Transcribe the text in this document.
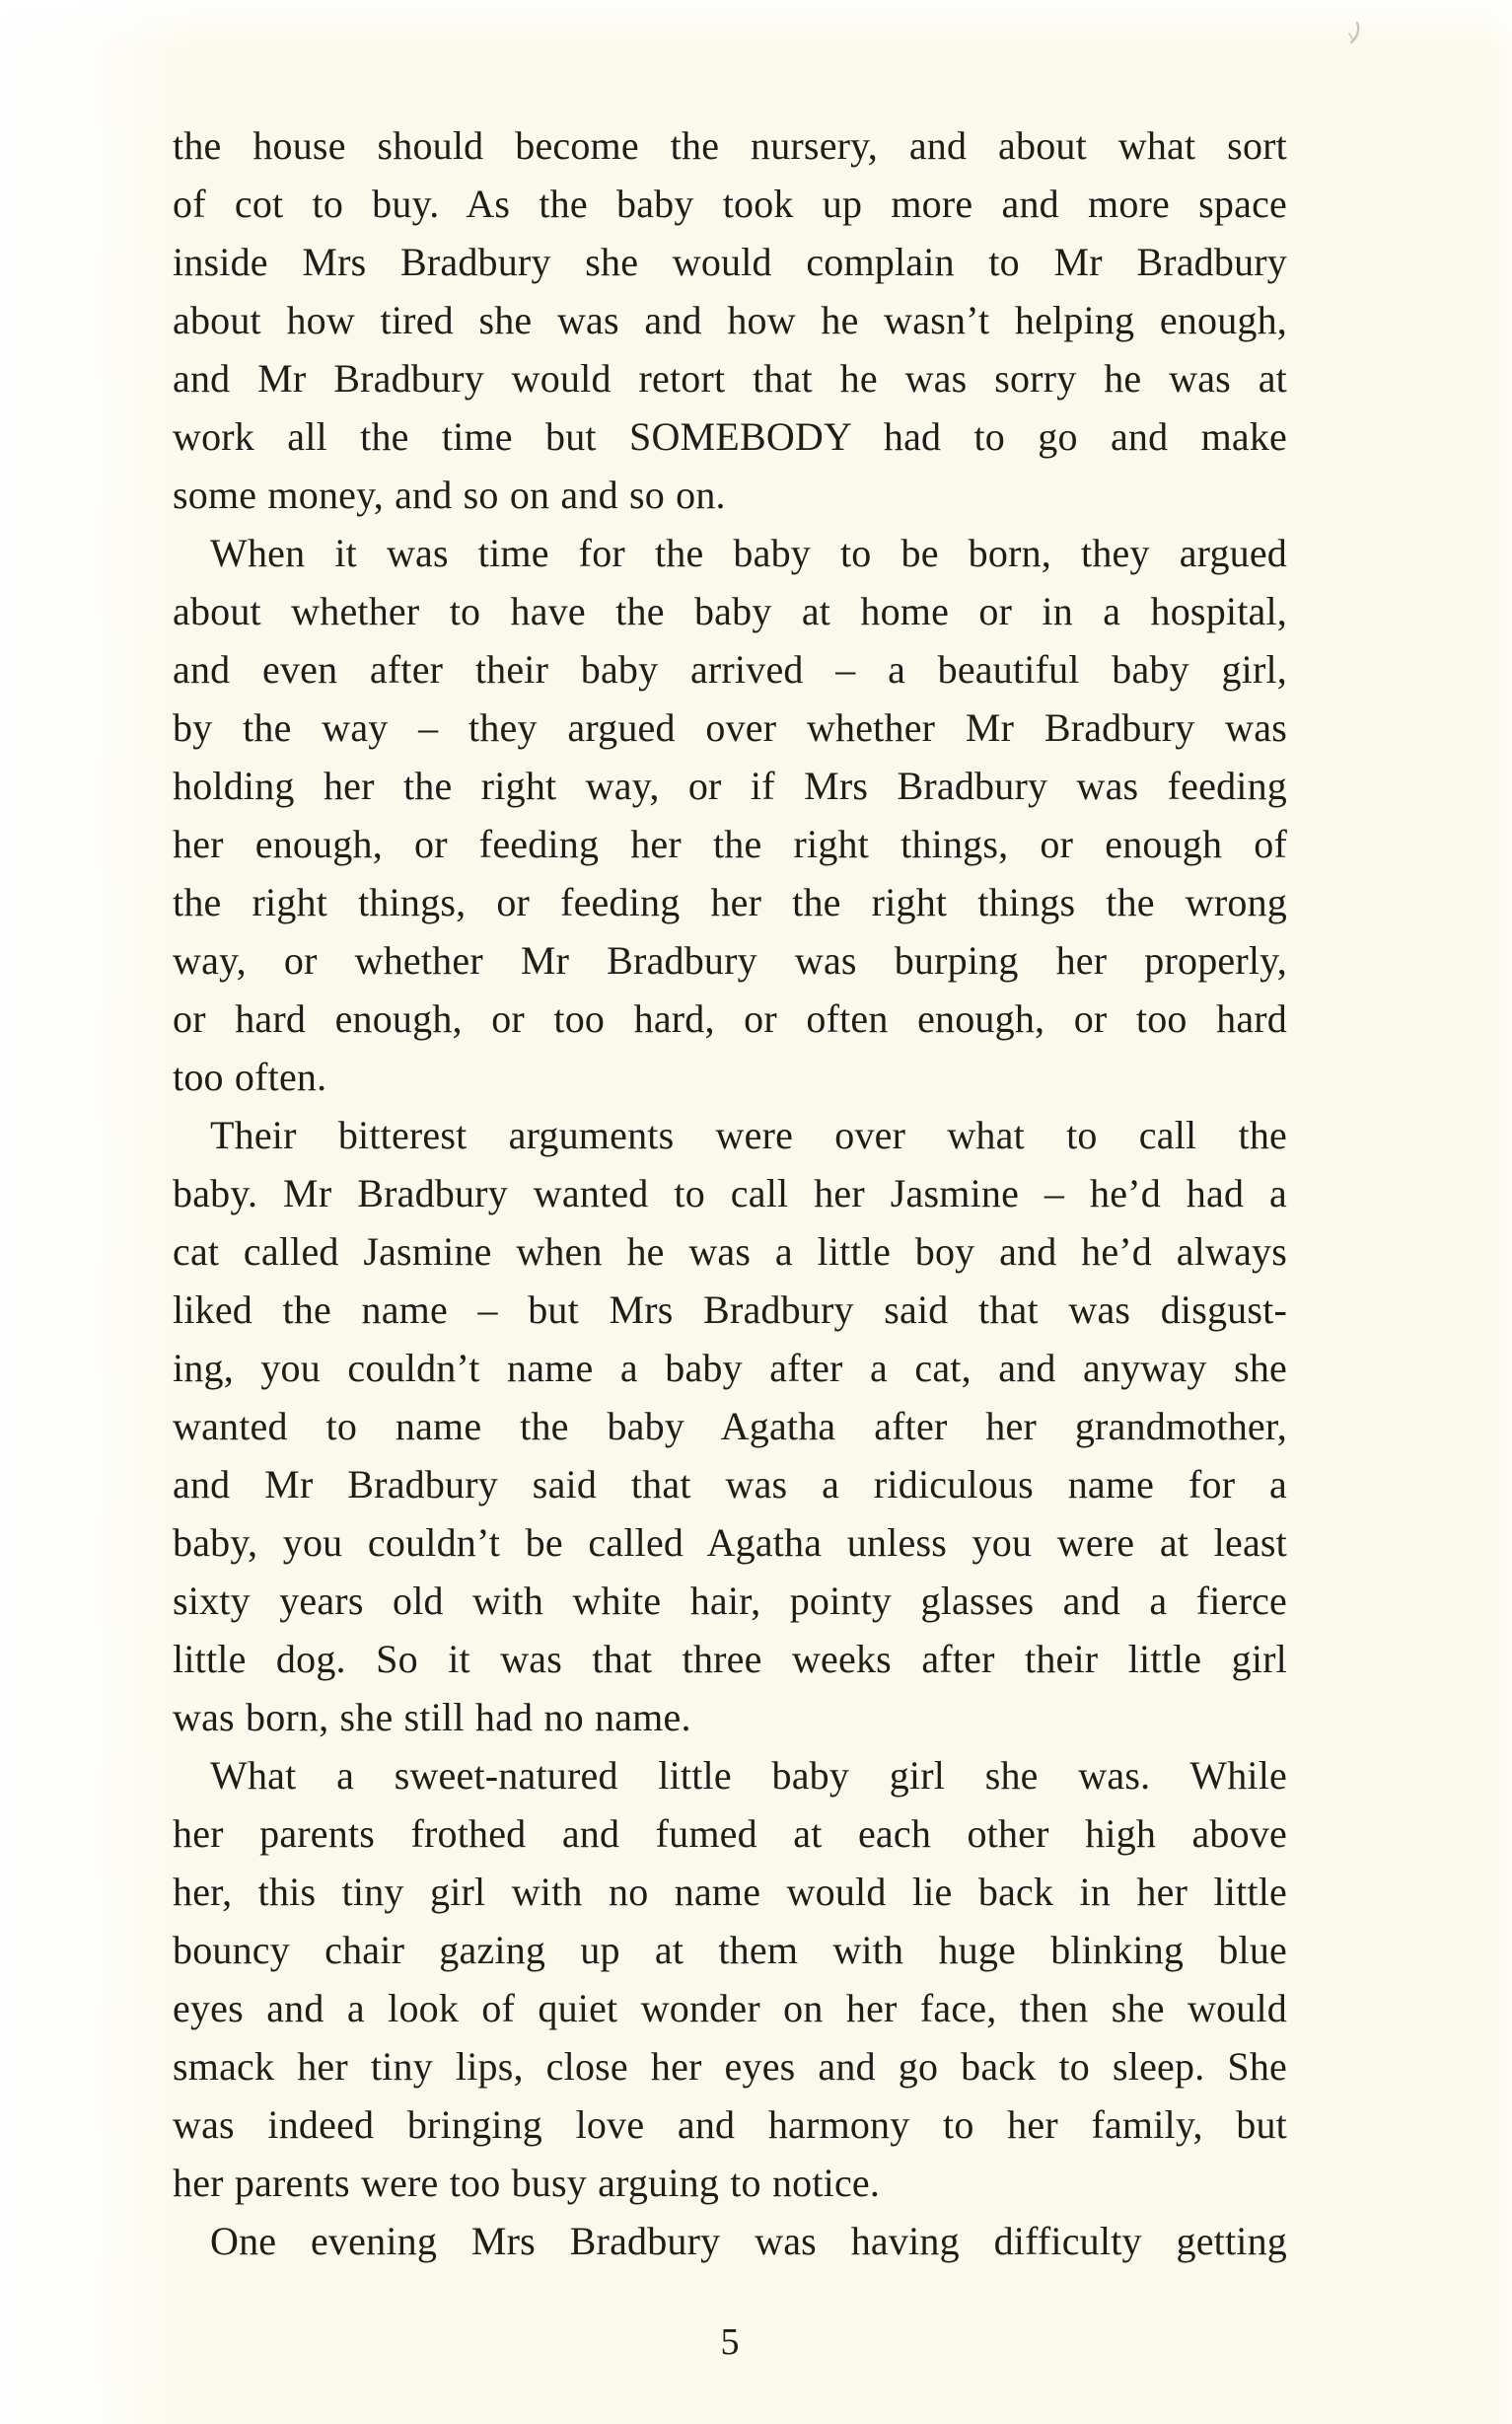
the house should become the nursery, and about what sort
of cot to buy. As the baby took up more and more space
inside Mrs Bradbury she would complain to Mr Bradbury
about how tired she was and how he wasn’t helping enough,
and Mr Bradbury would retort that he was sorry he was at
work all the time but SOMEBODY had to go and make
some money, and so on and so on.
When it was time for the baby to be born, they argued
about whether to have the baby at home or in a hospital,
and even after their baby arrived – a beautiful baby girl,
by the way – they argued over whether Mr Bradbury was
holding her the right way, or if Mrs Bradbury was feeding
her enough, or feeding her the right things, or enough of
the right things, or feeding her the right things the wrong
way, or whether Mr Bradbury was burping her properly,
or hard enough, or too hard, or often enough, or too hard
too often.
Their bitterest arguments were over what to call the
baby. Mr Bradbury wanted to call her Jasmine – he’d had a
cat called Jasmine when he was a little boy and he’d always
liked the name – but Mrs Bradbury said that was disgust-
ing, you couldn’t name a baby after a cat, and anyway she
wanted to name the baby Agatha after her grandmother,
and Mr Bradbury said that was a ridiculous name for a
baby, you couldn’t be called Agatha unless you were at least
sixty years old with white hair, pointy glasses and a fierce
little dog. So it was that three weeks after their little girl
was born, she still had no name.
What a sweet-natured little baby girl she was. While
her parents frothed and fumed at each other high above
her, this tiny girl with no name would lie back in her little
bouncy chair gazing up at them with huge blinking blue
eyes and a look of quiet wonder on her face, then she would
smack her tiny lips, close her eyes and go back to sleep. She
was indeed bringing love and harmony to her family, but
her parents were too busy arguing to notice.
One evening Mrs Bradbury was having difficulty getting
5
